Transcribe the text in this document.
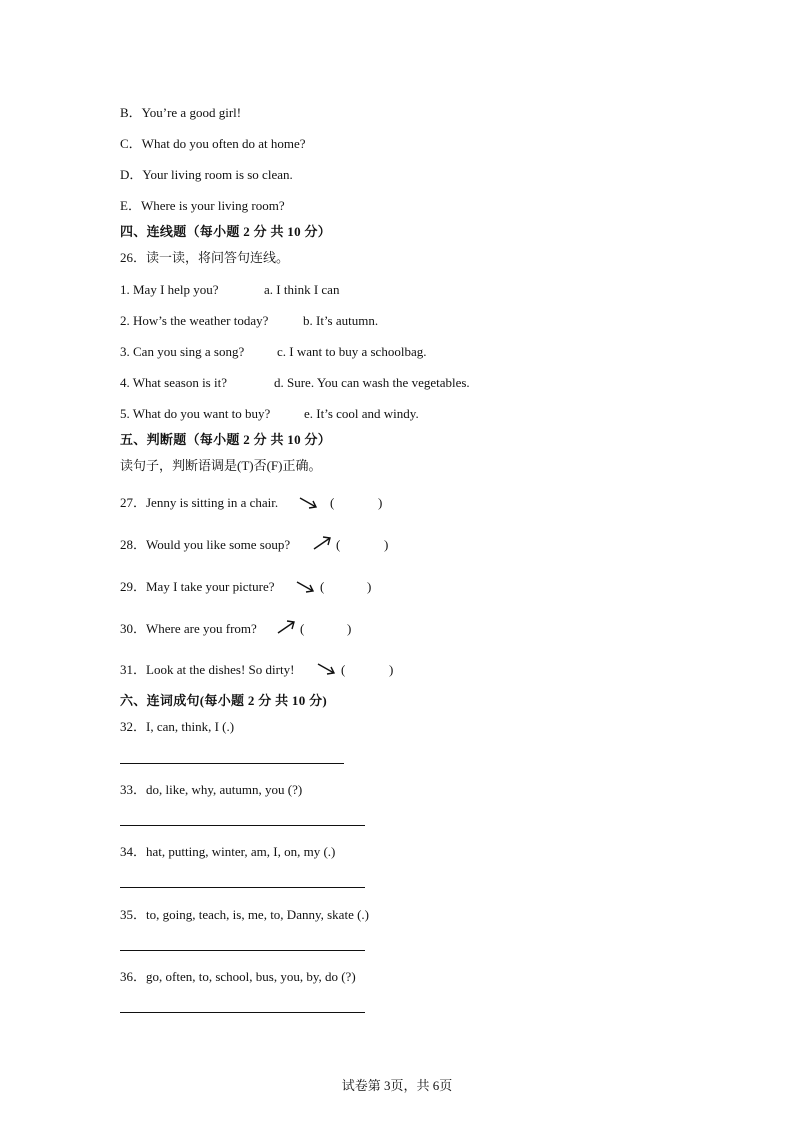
B．You’re a good girl!
C．What do you often do at home?
D．Your living room is so clean.
E．Where is your living room?
四、连线题（每小题 2 分 共 10 分）
26．读一读，将问答句连线。
1. May I help you?	a. I think I can
2. How’s the weather today?	b. It’s autumn.
3. Can you sing a song?	c. I want to buy a schoolbag.
4. What season is it?	d. Sure. You can wash the vegetables.
5. What do you want to buy?	e. It’s cool and windy.
五、判断题（每小题 2 分 共 10 分）
读句子，判断语调是(T)否(F)正确。
27．Jenny is sitting in a chair.	(	)
28．Would you like some soup?	(	)
29．May I take your picture?	(	)
30．Where are you from?	(	)
31．Look at the dishes! So dirty!	(	)
六、连词成句(每小题 2 分 共 10 分)
32．I, can, think, I (.)
33．do, like, why, autumn, you (?)
34．hat, putting, winter, am, I, on, my (.)
35．to, going, teach, is, me, to, Danny, skate (.)
36．go, often, to, school, bus, you, by, do (?)
试卷第 3页，共 6页
